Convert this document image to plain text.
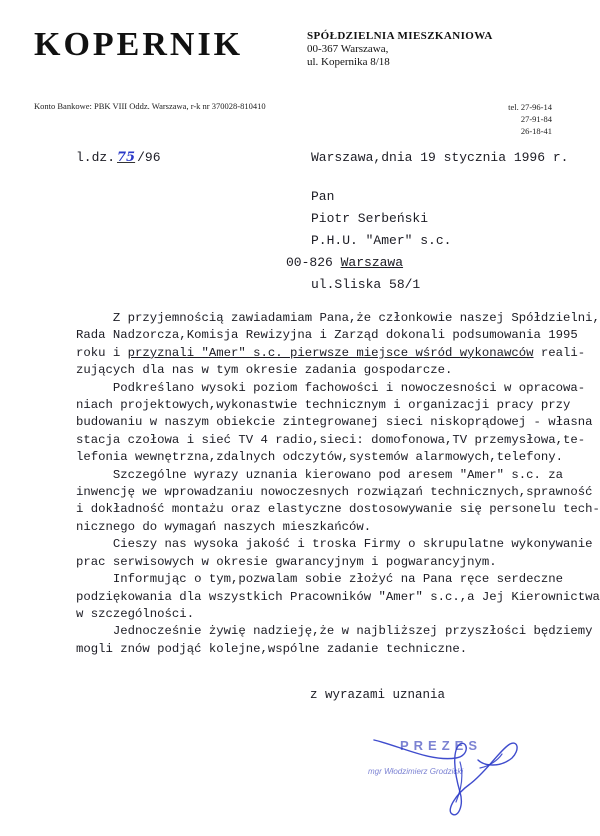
KOPERNIK	SPÓŁDZIELNIA MIESZKANIOWA
00-367 Warszawa,
ul. Kopernika 8/18
Konto Bankowe: PBK VIII Oddz. Warszawa, r-k nr 370028-810410	tel. 27-96-14
27-91-84
26-18-41
l.dz. 75 /96	Warszawa,dnia 19 stycznia 1996 r.
Pan
Piotr Serbeński
P.H.U. "Amer" s.c.
00-826 Warszawa
ul.Sliska 58/1

Z przyjemnością zawiadamiam Pana,że członkowie naszej Spółdzielni,
Rada Nadzorcza,Komisja Rewizyjna i Zarząd dokonali podsumowania 1995
roku i przyznali "Amer" s.c. pierwsze miejsce wśród wykonawców reali-
zujących dla nas w tym okresie zadania gospodarcze.

Podkreślano wysoki poziom fachowości i nowoczesności w opracowa-
niach projektowych,wykonastwie technicznym i organizacji pracy przy
budowaniu w naszym obiekcie zintegrowanej sieci niskoprądowej - własna
stacja czołowa i sieć TV 4 radio,sieci: domofonowa,TV przemysłowa,te-
lefonia wewnętrzna,zdalnych odczytów,systemów alarmowych,telefony.

Szczególne wyrazy uznania kierowano pod aresem "Amer" s.c. za
inwencję we wprowadzaniu nowoczesnych rozwiązań technicznych,sprawność
i dokładność montażu oraz elastyczne dostosowywanie się personelu tech-
nicznego do wymagań naszych mieszkańców.

Cieszy nas wysoka jakość i troska Firmy o skrupulatne wykonywanie
prac serwisowych w okresie gwarancyjnym i pogwarancyjnym.

Informując o tym,pozwalam sobie złożyć na Pana ręce serdeczne
podziękowania dla wszystkich Pracowników "Amer" s.c.,a Jej Kierownictwa
w szczególności.

Jednocześnie żywię nadzieję,że w najbliższej przyszłości będziemy
mogli znów podjąć kolejne,wspólne zadanie techniczne.

z wyrazami uznania
PREZES
mgr Włodzimierz Grodzicki
